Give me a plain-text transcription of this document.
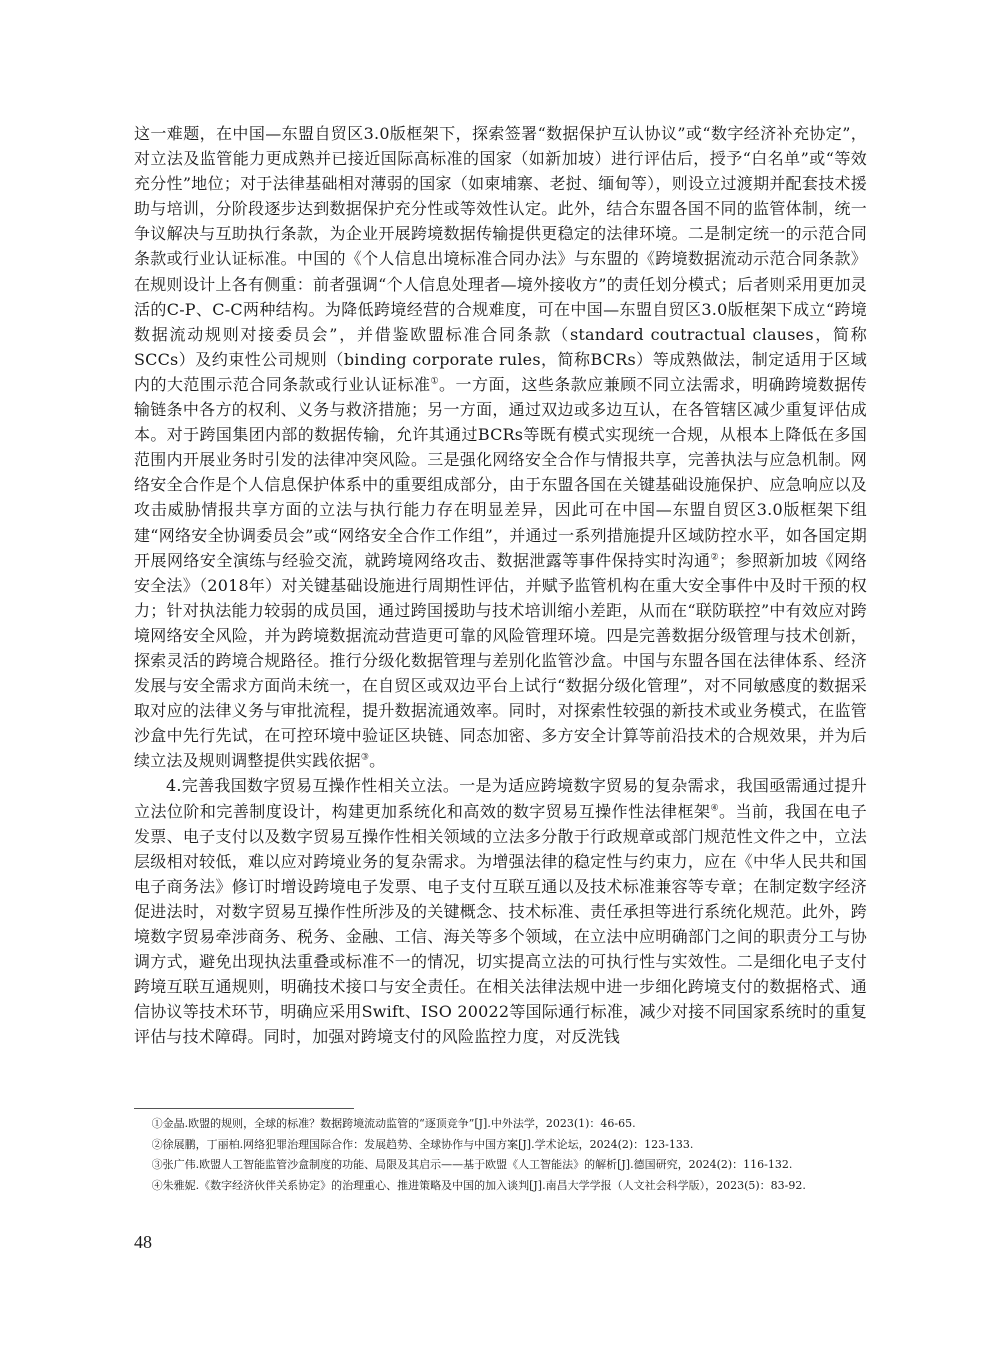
这一难题，在中国—东盟自贸区3.0版框架下，探索签署“数据保护互认协议”或“数字经济补充协定”，对立法及监管能力更成熟并已接近国际高标准的国家（如新加坡）进行评估后，授予“白名单”或“等效充分性”地位；对于法律基础相对薄弱的国家（如柬埔寨、老挝、缅甸等），则设立过渡期并配套技术援助与培训，分阶段逐步达到数据保护充分性或等效性认定。此外，结合东盟各国不同的监管体制，统一争议解决与互助执行条款，为企业开展跨境数据传输提供更稳定的法律环境。二是制定统一的示范合同条款或行业认证标准。中国的《个人信息出境标准合同办法》与东盟的《跨境数据流动示范合同条款》在规则设计上各有侧重：前者强调“个人信息处理者—境外接收方”的责任划分模式；后者则采用更加灵活的C-P、C-C两种结构。为降低跨境经营的合规难度，可在中国—东盟自贸区3.0版框架下成立“跨境数据流动规则对接委员会”，并借鉴欧盟标准合同条款（standard coutractual clauses，简称SCCs）及约束性公司规则（binding corporate rules，简称BCRs）等成熟做法，制定适用于区域内的大范围示范合同条款或行业认证标准①。一方面，这些条款应兼顾不同立法需求，明确跨境数据传输链条中各方的权利、义务与救济措施；另一方面，通过双边或多边互认，在各管辖区减少重复评估成本。对于跨国集团内部的数据传输，允许其通过BCRs等既有模式实现统一合规，从根本上降低在多国范围内开展业务时引发的法律冲突风险。三是强化网络安全合作与情报共享，完善执法与应急机制。网络安全合作是个人信息保护体系中的重要组成部分，由于东盟各国在关键基础设施保护、应急响应以及攻击威胁情报共享方面的立法与执行能力存在明显差异，因此可在中国—东盟自贸区3.0版框架下组建“网络安全协调委员会”或“网络安全合作工作组”，并通过一系列措施提升区域防控水平，如各国定期开展网络安全演练与经验交流，就跨境网络攻击、数据泄露等事件保持实时沟通②；参照新加坡《网络安全法》（2018年）对关键基础设施进行周期性评估，并赋予监管机构在重大安全事件中及时干预的权力；针对执法能力较弱的成员国，通过跨国援助与技术培训缩小差距，从而在“联防联控”中有效应对跨境网络安全风险，并为跨境数据流动营造更可靠的风险管理环境。四是完善数据分级管理与技术创新，探索灵活的跨境合规路径。推行分级化数据管理与差别化监管沙盒。中国与东盟各国在法律体系、经济发展与安全需求方面尚未统一，在自贸区或双边平台上试行“数据分级化管理”，对不同敏感度的数据采取对应的法律义务与审批流程，提升数据流通效率。同时，对探索性较强的新技术或业务模式，在监管沙盒中先行先试，在可控环境中验证区块链、同态加密、多方安全计算等前沿技术的合规效果，并为后续立法及规则调整提供实践依据③。

4.完善我国数字贸易互操作性相关立法。一是为适应跨境数字贸易的复杂需求，我国亟需通过提升立法位阶和完善制度设计，构建更加系统化和高效的数字贸易互操作性法律框架④。当前，我国在电子发票、电子支付以及数字贸易互操作性相关领域的立法多分散于行政规章或部门规范性文件之中，立法层级相对较低，难以应对跨境业务的复杂需求。为增强法律的稳定性与约束力，应在《中华人民共和国电子商务法》修订时增设跨境电子发票、电子支付互联互通以及技术标准兼容等专章；在制定数字经济促进法时，对数字贸易互操作性所涉及的关键概念、技术标准、责任承担等进行系统化规范。此外，跨境数字贸易牵涉商务、税务、金融、工信、海关等多个领域，在立法中应明确部门之间的职责分工与协调方式，避免出现执法重叠或标准不一的情况，切实提高立法的可执行性与实效性。二是细化电子支付跨境互联互通规则，明确技术接口与安全责任。在相关法律法规中进一步细化跨境支付的数据格式、通信协议等技术环节，明确应采用Swift、ISO 20022等国际通行标准，减少对接不同国家系统时的重复评估与技术障碍。同时，加强对跨境支付的风险监控力度，对反洗钱

①金晶.欧盟的规则，全球的标准？数据跨境流动监管的“逐顶竞争”[J].中外法学，2023(1)：46-65.

②徐展鹏，丁丽柏.网络犯罪治理国际合作：发展趋势、全球协作与中国方案[J].学术论坛，2024(2)：123-133.

③张广伟.欧盟人工智能监管沙盒制度的功能、局限及其启示——基于欧盟《人工智能法》的解析[J].德国研究，2024(2)：116-132.

④朱雅妮.《数字经济伙伴关系协定》的治理重心、推进策略及中国的加入谈判[J].南昌大学学报（人文社会科学版），2023(5)：83-92.

48
